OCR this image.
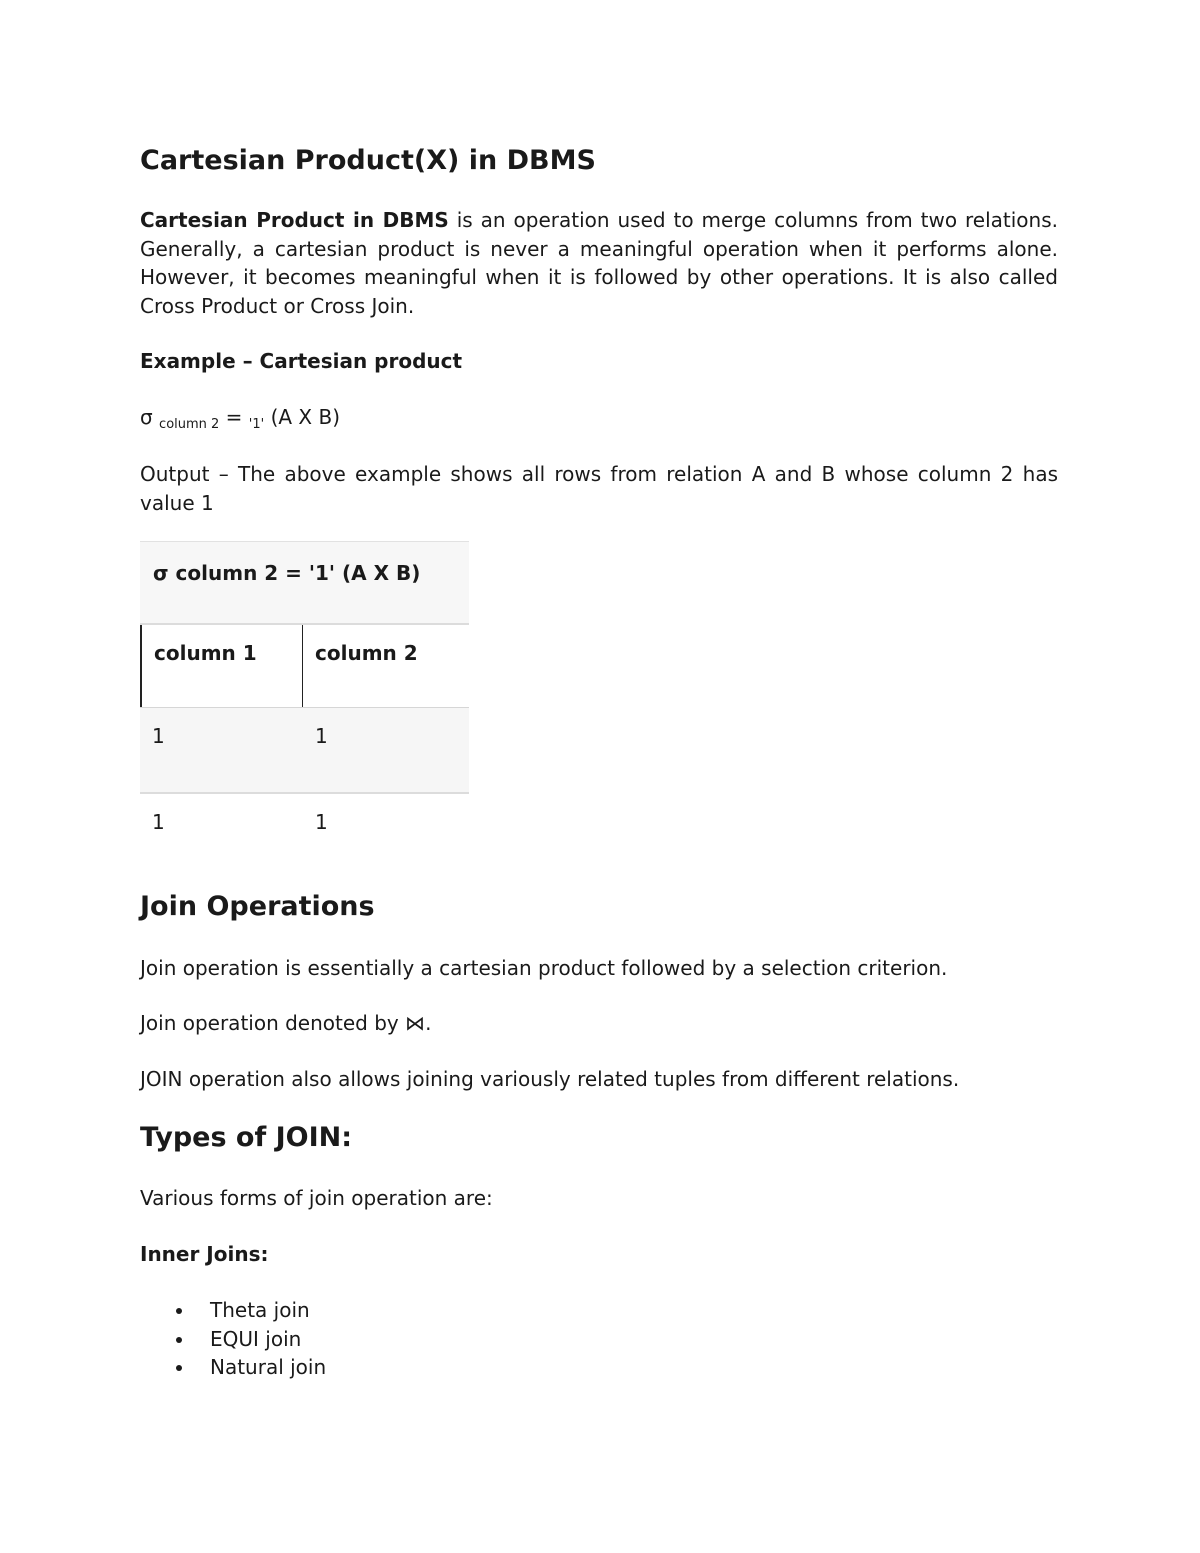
Cartesian Product(X) in DBMS

Cartesian Product in DBMS is an operation used to merge columns from two relations. Generally, a cartesian product is never a meaningful operation when it performs alone. However, it becomes meaningful when it is followed by other operations. It is also called Cross Product or Cross Join.

Example – Cartesian product

σ $_{column 2}$ = $_{'1'}$ (A X B)

Output – The above example shows all rows from relation A and B whose column 2 has value 1

σ column 2 = '1' (A X B)
column 1	column 2
1	1
1	1
Join Operations

Join operation is essentially a cartesian product followed by a selection criterion.

Join operation denoted by ⋈.

JOIN operation also allows joining variously related tuples from different relations.

Types of JOIN:

Various forms of join operation are:

Inner Joins:

Theta join
EQUI join
Natural join
